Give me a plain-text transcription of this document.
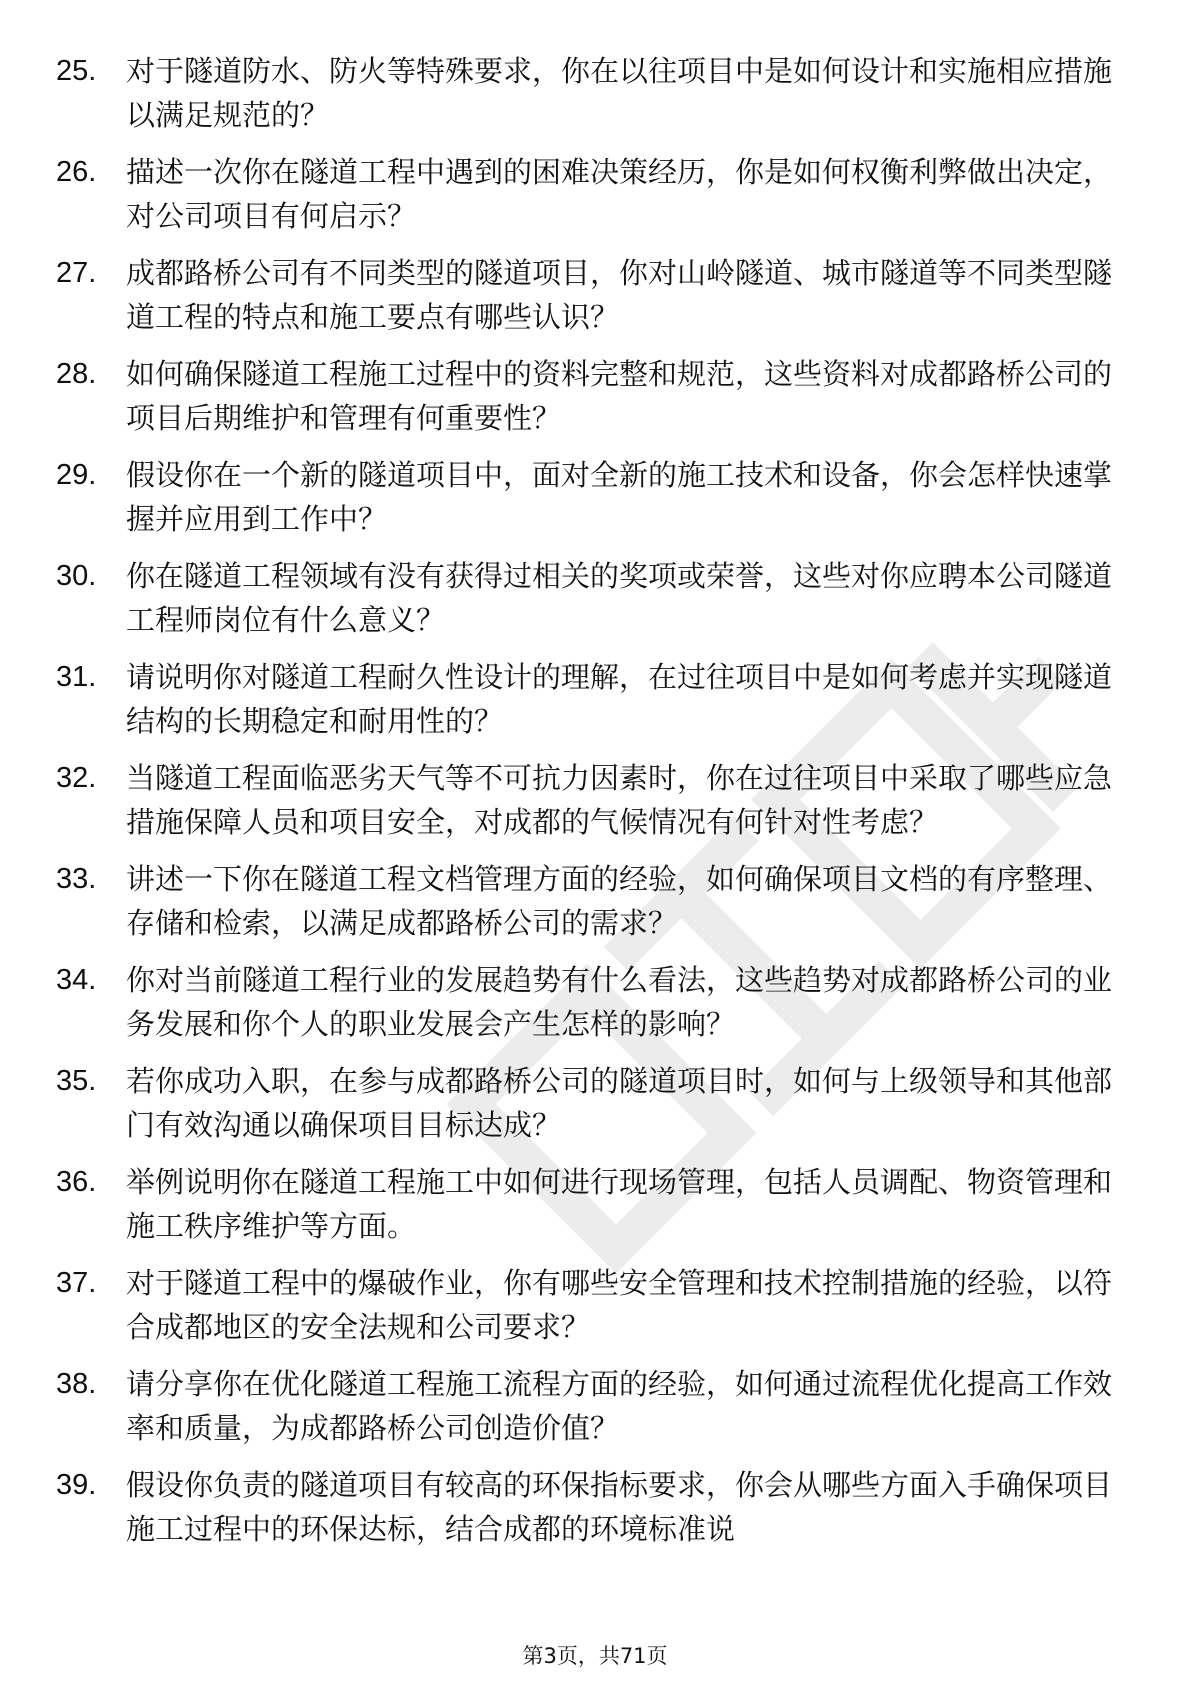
25.	对于隧道防水、防火等特殊要求，你在以往项目中是如何设计和实施相应措施以满足规范的？
26.	描述一次你在隧道工程中遇到的困难决策经历，你是如何权衡利弊做出决定，对公司项目有何启示？
27.	成都路桥公司有不同类型的隧道项目，你对山岭隧道、城市隧道等不同类型隧道工程的特点和施工要点有哪些认识？
28.	如何确保隧道工程施工过程中的资料完整和规范，这些资料对成都路桥公司的项目后期维护和管理有何重要性？
29.	假设你在一个新的隧道项目中，面对全新的施工技术和设备，你会怎样快速掌握并应用到工作中？
30.	你在隧道工程领域有没有获得过相关的奖项或荣誉，这些对你应聘本公司隧道工程师岗位有什么意义？
31.	请说明你对隧道工程耐久性设计的理解，在过往项目中是如何考虑并实现隧道结构的长期稳定和耐用性的？
32.	当隧道工程面临恶劣天气等不可抗力因素时，你在过往项目中采取了哪些应急措施保障人员和项目安全，对成都的气候情况有何针对性考虑？
33.	讲述一下你在隧道工程文档管理方面的经验，如何确保项目文档的有序整理、存储和检索，以满足成都路桥公司的需求？
34.	你对当前隧道工程行业的发展趋势有什么看法，这些趋势对成都路桥公司的业务发展和你个人的职业发展会产生怎样的影响？
35.	若你成功入职，在参与成都路桥公司的隧道项目时，如何与上级领导和其他部门有效沟通以确保项目目标达成？
36.	举例说明你在隧道工程施工中如何进行现场管理，包括人员调配、物资管理和施工秩序维护等方面。
37.	对于隧道工程中的爆破作业，你有哪些安全管理和技术控制措施的经验，以符合成都地区的安全法规和公司要求？
38.	请分享你在优化隧道工程施工流程方面的经验，如何通过流程优化提高工作效率和质量，为成都路桥公司创造价值？
39.	假设你负责的隧道项目有较高的环保指标要求，你会从哪些方面入手确保项目施工过程中的环保达标，结合成都的环境标准说
第3页，共71页
